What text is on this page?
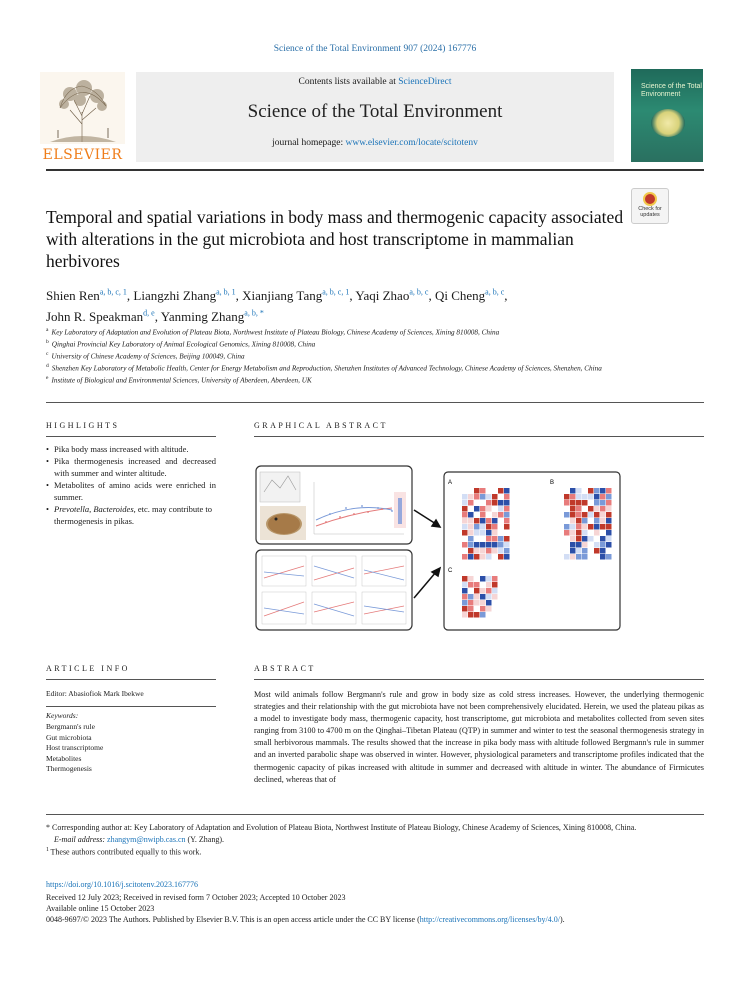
Science of the Total Environment 907 (2024) 167776
ELSEVIER
Contents lists available at ScienceDirect
Science of the Total Environment
journal homepage: www.elsevier.com/locate/scitotenv
Science of the Total Environment
Check for updates
Temporal and spatial variations in body mass and thermogenic capacity associated with alterations in the gut microbiota and host transcriptome in mammalian herbivores
Shien Ren$^{a, b, c, 1}$, Liangzhi Zhang$^{a, b, 1}$, Xianjiang Tang$^{a, b, c, 1}$, Yaqi Zhao$^{a, b, c}$, Qi Cheng$^{a, b, c}$,
John R. Speakman$^{d, e}$, Yanming Zhang$^{a, b, *}$
$^a$ Key Laboratory of Adaptation and Evolution of Plateau Biota, Northwest Institute of Plateau Biology, Chinese Academy of Sciences, Xining 810008, China
$^b$ Qinghai Provincial Key Laboratory of Animal Ecological Genomics, Xining 810008, China
$^c$ University of Chinese Academy of Sciences, Beijing 100049, China
$^d$ Shenzhen Key Laboratory of Metabolic Health, Center for Energy Metabolism and Reproduction, Shenzhen Institutes of Advanced Technology, Chinese Academy of Sciences, Shenzhen, China
$^e$ Institute of Biological and Environmental Sciences, University of Aberdeen, Aberdeen, UK
HIGHLIGHTS
• Pika body mass increased with altitude.
• Pika thermogenesis increased and decreased with summer and winter altitude.
• Metabolites of amino acids were enriched in summer.
• Prevotella, Bacteroides, etc. may contribute to thermogenesis in pikas.
GRAPHICAL ABSTRACT
A	B
C
ARTICLE INFO
Editor: Abasiofiok Mark Ibekwe
Keywords:
Bergmann's rule
Gut microbiota
Host transcriptome
Metabolites
Thermogenesis
ABSTRACT
Most wild animals follow Bergmann's rule and grow in body size as cold stress increases. However, the underlying thermogenic strategies and their relationship with the gut microbiota have not been comprehensively elucidated. Herein, we used the plateau pikas as a model to investigate body mass, thermogenic capacity, host transcriptome, gut microbiota and metabolites collected from seven sites ranging from 3100 to 4700 m on the Qinghai–Tibetan Plateau (QTP) in summer and winter to test the seasonal thermogenesis strategy in small herbivorous mammals. The results showed that the increase in pika body mass with altitude followed Bergmann's rule in summer and an inverted parabolic shape was observed in winter. However, physiological parameters and transcriptome profiles indicated that the thermogenic capacity of pikas increased with altitude in summer and decreased with altitude in winter. The abundance of Firmicutes declined, whereas that of
* Corresponding author at: Key Laboratory of Adaptation and Evolution of Plateau Biota, Northwest Institute of Plateau Biology, Chinese Academy of Sciences, Xining 810008, China.
E-mail address: zhangym@nwipb.cas.cn (Y. Zhang).
$^1$ These authors contributed equally to this work.
https://doi.org/10.1016/j.scitotenv.2023.167776
Received 12 July 2023; Received in revised form 7 October 2023; Accepted 10 October 2023
Available online 15 October 2023
0048-9697/© 2023 The Authors. Published by Elsevier B.V. This is an open access article under the CC BY license (http://creativecommons.org/licenses/by/4.0/).
